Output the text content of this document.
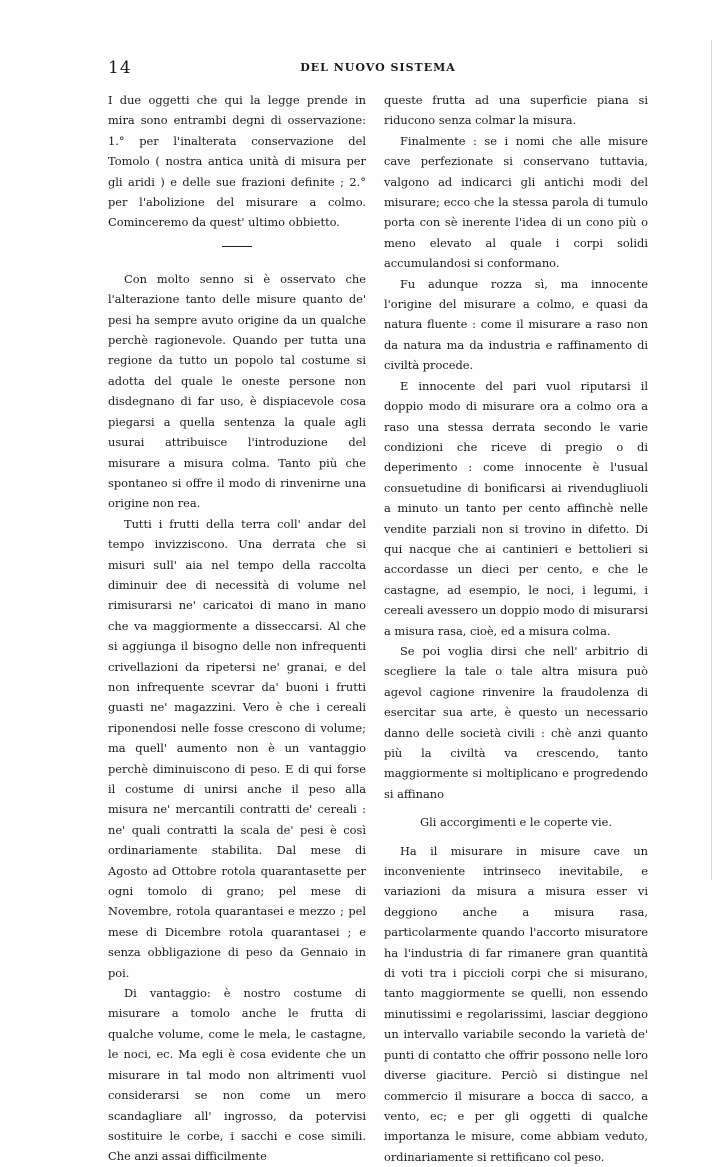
14	DEL NUOVO SISTEMA

I due oggetti che qui la legge prende in mira sono entrambi degni di osservazione: 1.° per l'inalterata conservazione del Tomolo ( nostra antica unità di misura per gli aridi ) e delle sue frazioni definite ; 2.° per l'abolizione del misurare a colmo. Cominceremo da quest' ultimo obbietto.

Con molto senno si è osservato che l'alterazione tanto delle misure quanto de' pesi ha sempre avuto origine da un qualche perchè ragionevole. Quando per tutta una regione da tutto un popolo tal costume si adotta del quale le oneste persone non disdegnano di far uso, è dispiacevole cosa piegarsi a quella sentenza la quale agli usurai attribuisce l'introduzione del misurare a misura colma. Tanto più che spontaneo si offre il modo di rinvenirne una origine non rea.

Tutti i frutti della terra coll' andar del tempo invizziscono. Una derrata che si misuri sull' aia nel tempo della raccolta diminuir dee di necessità di volume nel rimisurarsi ne' caricatoi di mano in mano che va maggiormente a disseccarsi. Al che si aggiunga il bisogno delle non infrequenti crivellazioni da ripetersi ne' granai, e del non infrequente scevrar da' buoni i frutti guasti ne' magazzini. Vero è che i cereali riponendosi nelle fosse crescono di volume; ma quell' aumento non è un vantaggio perchè diminuiscono di peso. E di qui forse il costume di unirsi anche il peso alla misura ne' mercantili contratti de' cereali : ne' quali contratti la scala de' pesi è così ordinariamente stabilita. Dal mese di Agosto ad Ottobre rotola quarantasette per ogni tomolo di grano; pel mese di Novembre, rotola quarantasei e mezzo ; pel mese di Dicembre rotola quarantasei ; e senza obbligazione di peso da Gennaio in poi.

Di vantaggio: è nostro costume di misurare a tomolo anche le frutta di qualche volume, come le mela, le castagne, le noci, ec. Ma egli è cosa evidente che un misurare in tal modo non altrimenti vuol considerarsi se non come un mero scandagliare all' ingrosso, da potervisi sostituire le corbe, i sacchi e cose simili. Che anzi assai difficilmente

queste frutta ad una superficie piana si riducono senza colmar la misura.

Finalmente : se i nomi che alle misure cave perfezionate si conservano tuttavia, valgono ad indicarci gli antichi modi del misurare; ecco che la stessa parola di tumulo porta con sè inerente l'idea di un cono più o meno elevato al quale i corpi solidi accumulandosi si conformano.

Fu adunque rozza sì, ma innocente l'origine del misurare a colmo, e quasi da natura fluente : come il misurare a raso non da natura ma da industria e raffinamento di civiltà procede.

E innocente del pari vuol riputarsi il doppio modo di misurare ora a colmo ora a raso una stessa derrata secondo le varie condizioni che riceve di pregio o di deperimento : come innocente è l'usual consuetudine di bonificarsi ai rivendugliuoli a minuto un tanto per cento affinchè nelle vendite parziali non si trovino in difetto. Di qui nacque che ai cantinieri e bettolieri si accordasse un dieci per cento, e che le castagne, ad esempio, le noci, i legumi, i cereali avessero un doppio modo di misurarsi a misura rasa, cioè, ed a misura colma.

Se poi voglia dirsi che nell' arbitrio di scegliere la tale o tale altra misura può agevol cagione rinvenire la fraudolenza di esercitar sua arte, è questo un necessario danno delle società civili : chè anzi quanto più la civiltà va crescendo, tanto maggiormente si moltiplicano e progredendo si affinano

Gli accorgimenti e le coperte vie.

Ha il misurare in misure cave un inconveniente intrinseco inevitabile, e variazioni da misura a misura esser vi deggiono anche a misura rasa, particolarmente quando l'accorto misuratore ha l'industria di far rimanere gran quantità di voti tra i piccioli corpi che si misurano, tanto maggiormente se quelli, non essendo minutissimi e regolarissimi, lasciar deggiono un intervallo variabile secondo la varietà de' punti di contatto che offrir possono nelle loro diverse giaciture. Perciò si distingue nel commercio il misurare a bocca di sacco, a vento, ec; e per gli oggetti di qualche importanza le misure, come abbiam veduto, ordinariamente si rettificano col peso.
